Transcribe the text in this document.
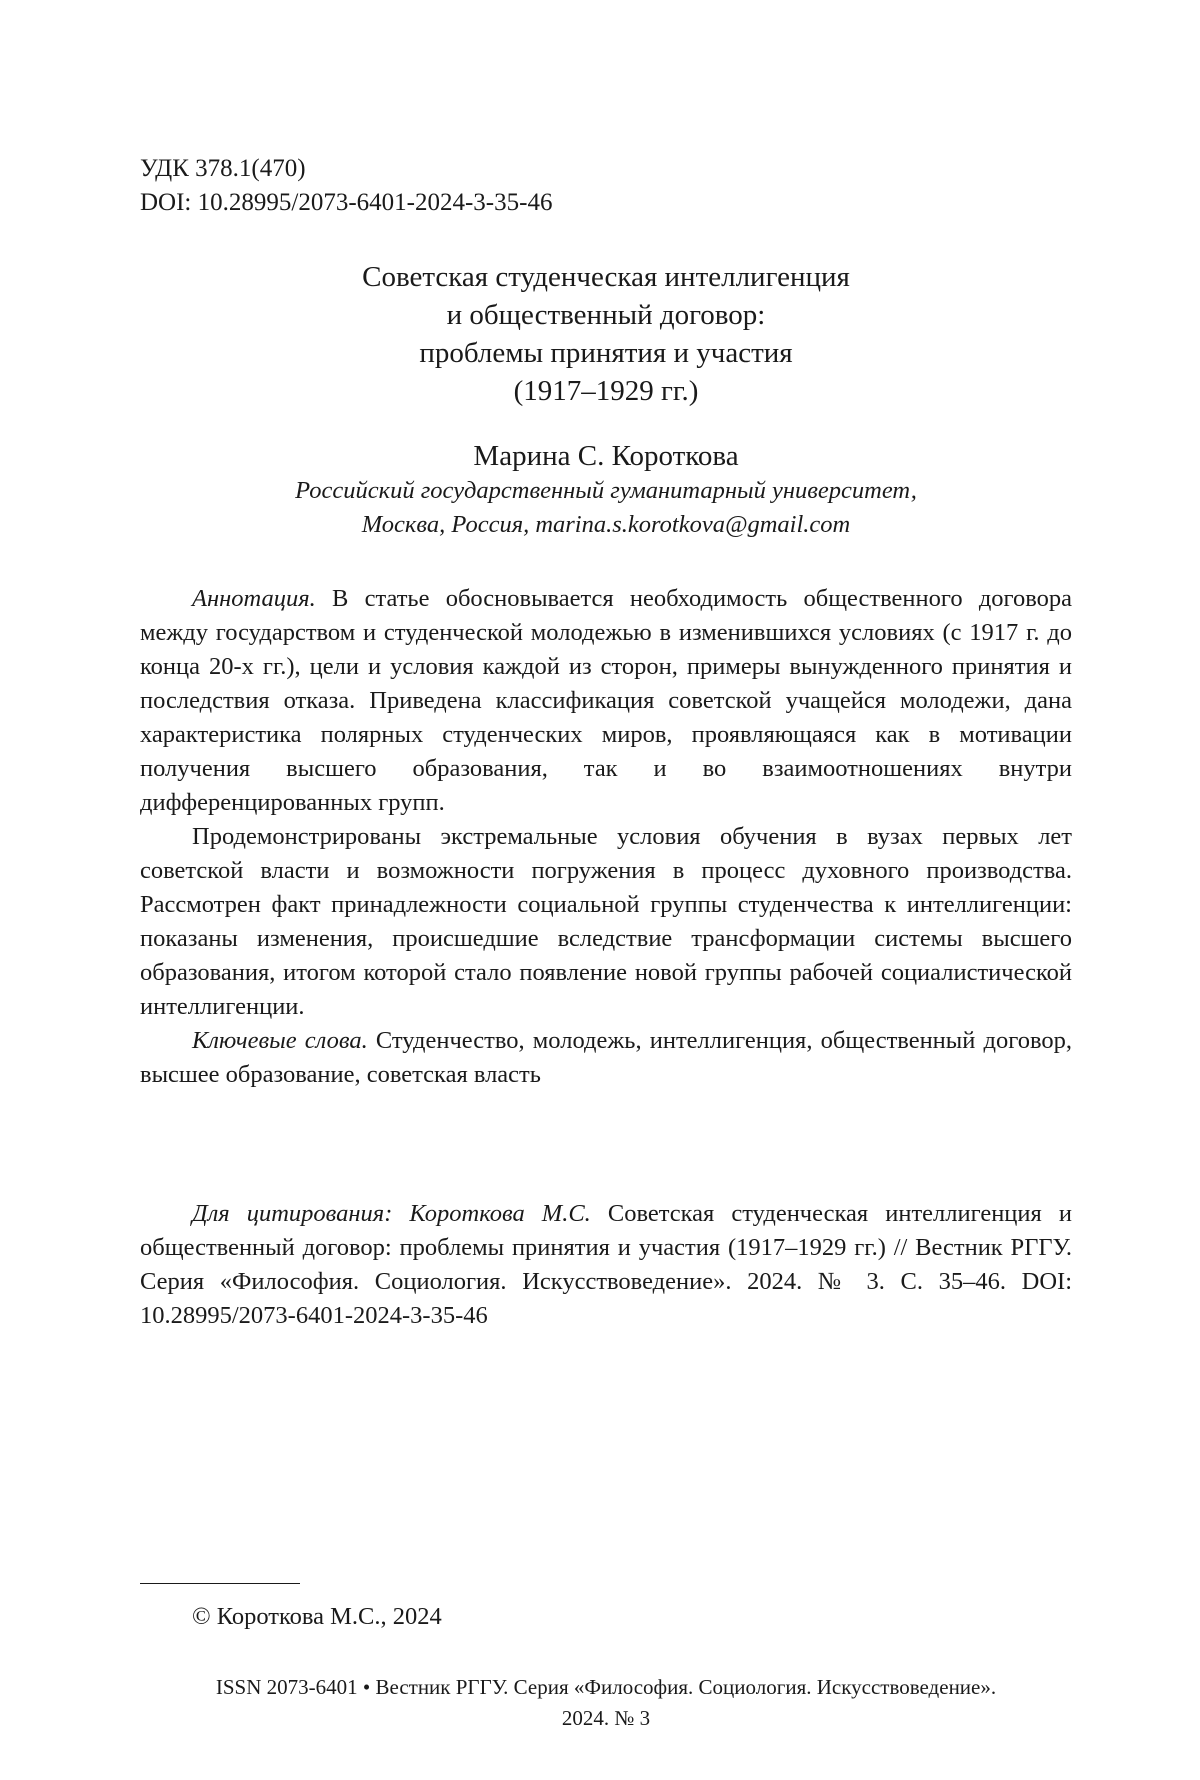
УДК 378.1(470)
DOI: 10.28995/2073-6401-2024-3-35-46
Советская студенческая интеллигенция
и общественный договор:
проблемы принятия и участия
(1917–1929 гг.)
Марина С. Короткова
Российский государственный гуманитарный университет,
Москва, Россия, marina.s.korotkova@gmail.com

Аннотация. В статье обосновывается необходимость общественного договора между государством и студенческой молодежью в изменившихся условиях (с 1917 г. до конца 20-х гг.), цели и условия каждой из сторон, примеры вынужденного принятия и последствия отказа. Приведена классификация советской учащейся молодежи, дана характеристика полярных студенческих миров, проявляющаяся как в мотивации получения высшего образования, так и во взаимоотношениях внутри дифференцированных групп.

Продемонстрированы экстремальные условия обучения в вузах первых лет советской власти и возможности погружения в процесс духовного производства. Рассмотрен факт принадлежности социальной группы студенчества к интеллигенции: показаны изменения, происшедшие вследствие трансформации системы высшего образования, итогом которой стало появление новой группы рабочей социалистической интеллигенции.

Ключевые слова. Студенчество, молодежь, интеллигенция, общественный договор, высшее образование, советская власть

Для цитирования: Короткова М.С. Советская студенческая интеллигенция и общественный договор: проблемы принятия и участия (1917–1929 гг.) // Вестник РГГУ. Серия «Философия. Социология. Искусствоведение». 2024. № 3. С. 35–46. DOI: 10.28995/2073-6401-2024-3-35-46

© Короткова М.С., 2024
ISSN 2073-6401 • Вестник РГГУ. Серия «Философия. Социология. Искусствоведение».
2024. № 3
